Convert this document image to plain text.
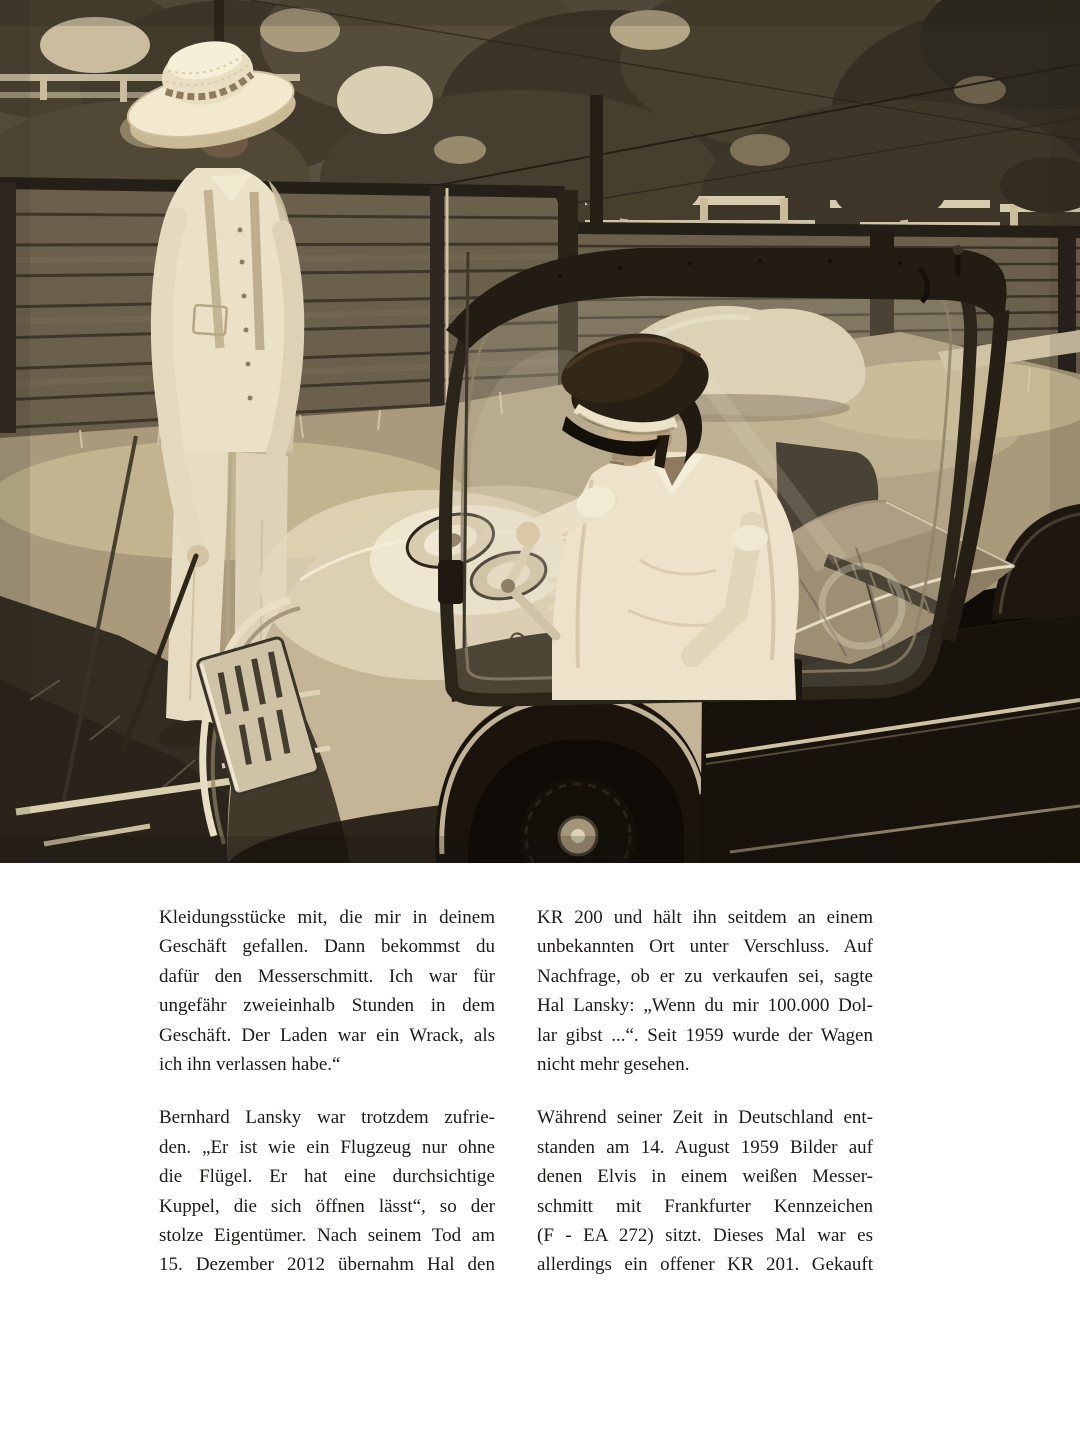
Kleidungsstücke mit, die mir in deinem
Geschäft gefallen. Dann bekommst du
dafür den Messerschmitt. Ich war für
ungefähr zweieinhalb Stunden in dem
Geschäft. Der Laden war ein Wrack, als
ich ihn verlassen habe.“
Bernhard Lansky war trotzdem zufrie-
den. „Er ist wie ein Flugzeug nur ohne
die Flügel. Er hat eine durchsichtige
Kuppel, die sich öffnen lässt“, so der
stolze Eigentümer. Nach seinem Tod am
15. Dezember 2012 übernahm Hal den
KR 200 und hält ihn seitdem an einem
unbekannten Ort unter Verschluss. Auf
Nachfrage, ob er zu verkaufen sei, sagte
Hal Lansky: „Wenn du mir 100.000 Dol-
lar gibst ...“. Seit 1959 wurde der Wagen
nicht mehr gesehen.
Während seiner Zeit in Deutschland ent-
standen am 14. August 1959 Bilder auf
denen Elvis in einem weißen Messer-
schmitt mit Frankfurter Kennzeichen
(F - EA 272) sitzt. Dieses Mal war es
allerdings ein offener KR 201. Gekauft
